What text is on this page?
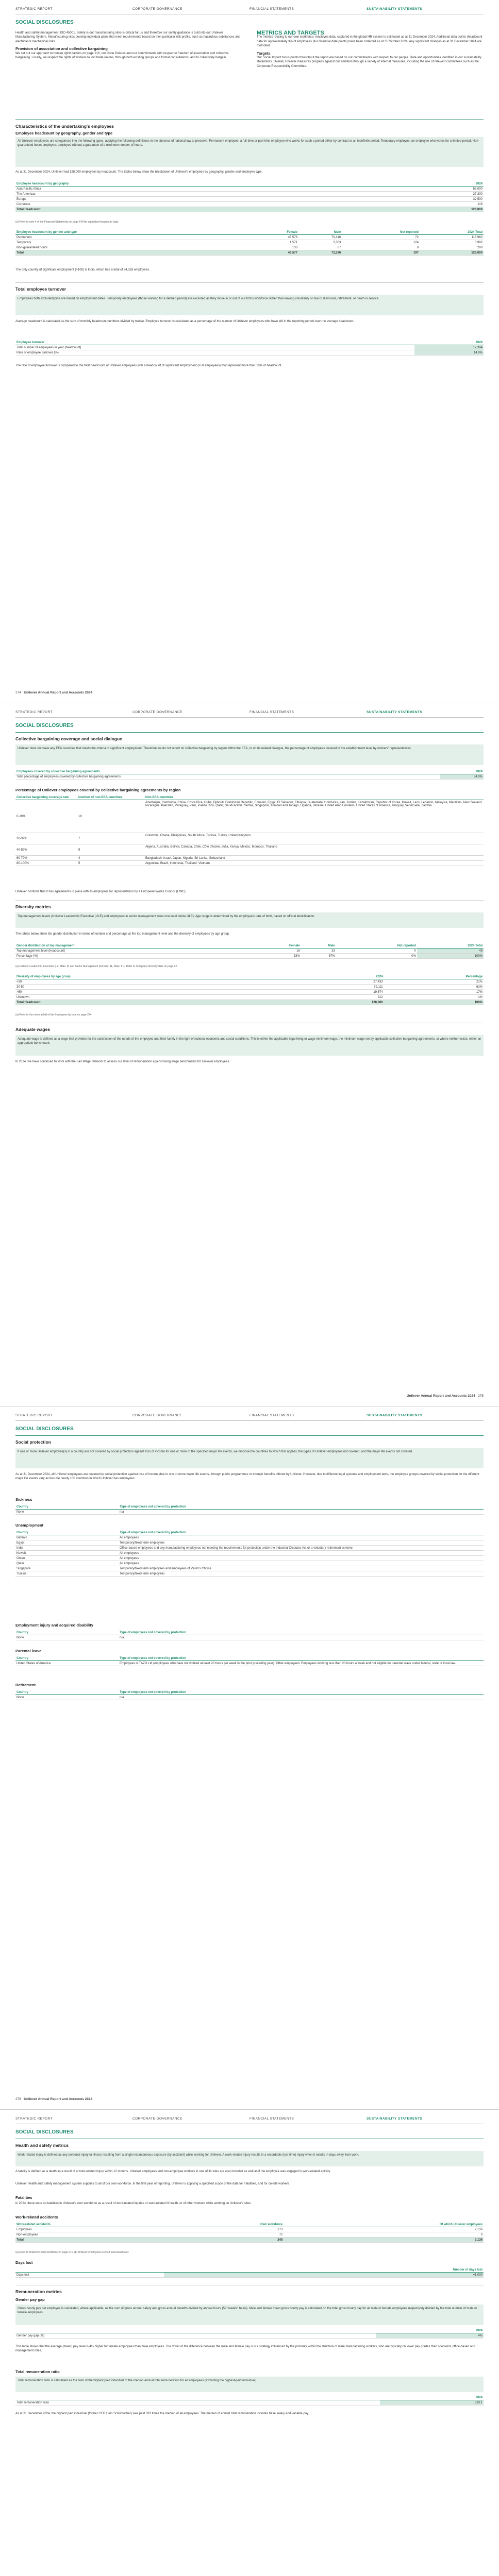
STRATEGIC REPORT	CORPORATE GOVERNANCE	FINANCIAL STATEMENTS	SUSTAINABILITY STATEMENTS
SOCIAL DISCLOSURES

Health and safety management, ISO 45001. Safety is our manufacturing sites is critical for us and therefore our safety guidance is built into our Unilever Manufacturing System. Manufacturing sites develop individual plans that meet requirements based on their particular risk profile, such as hazardous substances and electrical or mechanical risks.

Provision of association and collective bargaining

We set out our approach to human rights factors on page 216, our Code Policies and our commitments with respect to freedom of association and collective bargaining. Locally, we respect the rights of workers to join trade unions, through both existing groups and formal consultations, and to collectively bargain.

METRICS AND TARGETS

The metrics relating to our own workforce, employee data, captured in the global HR system is estimated as at 31 December 2024. Additional data points (headcount data for approximately 3% of employees plus financial data points) have been collected as at 31 October 2024. Any significant changes as at 31 December 2024 are footnoted.

Targets

Our Social Impact focus points throughout the report are based on our commitments with respect to our people. Data and opportunities identified in our sustainability statements. Overall, Unilever measures progress against our ambition through a variety of internal measures, including the use of relevant committees such as the Corporate Responsibility Committee.

Characteristics of the undertaking's employees
Employee headcount by geography, gender and type
All Unilever employees are categorised into the following types, applying the following definitions in the absence of national law to preserve: Permanent employee: a full-time or part-time employee who works for such a period either by contract or an indefinite period. Temporary employee: an employee who works for a limited period. Non-guaranteed hours employee: employed without a guarantee of a minimum number of hours.
As at 31 December 2024, Unilever had 128,000 employees by headcount. The tables below show the breakdown of Unilever's employees by geography, gender and employee type.
Employee headcount by geography	2024
Asia Pacific Africa	58,000
The Americas	37,300
Europe	32,500
Corporate	116
Total Headcount	128,000
(a) Refer to note 4 of the Financial Statements on page 149 for equivalent headcount data.
Employee headcount by gender and type	Female	Male	Not reported	2024 Total
Permanent	45,573	70,416	72	115,960
Temporary	1,571	2,303	124	3,992
Non-guaranteed hours	133	67	0	200
Total	46,577	72,536	197	128,000
The only country of significant employment (>100) is India, which has a total of 24,363 employees.
Total employee turnover
Employees both excluded/joins are based on employment dates. Temporary employees (those working for a defined period) are excluded as they move in or out of our firm's workforce rather than leaving voluntarily or due to dismissal, retirement, or death in service.
Average headcount is calculated as the sum of monthly headcount numbers divided by twelve. Employee turnover is calculated as a percentage of the number of Unilever employees who have left in the reporting period over the average headcount.
Employee turnover	2024
Total number of employees in year (headcount)	17,304
Rate of employee turnover (%)	14.0%
The rate of employee turnover is compared to the total headcount of Unilever employees with a headcount of significant employment (>50 employees) that represent more than 10% of headcount.
274 Unilever Annual Report and Accounts 2024
STRATEGIC REPORT	CORPORATE GOVERNANCE	FINANCIAL STATEMENTS	SUSTAINABILITY STATEMENTS
SOCIAL DISCLOSURES
Collective bargaining coverage and social dialogue
Unilever does not have any EEA countries that meets the criteria of significant employment. Therefore we do not report on collective bargaining by region within the EEA, or on its related dialogue, the percentage of employees covered in the establishment level by workers' representatives.
Employees covered by collective bargaining agreements	2024
Total percentage of employees covered by collective bargaining agreements	54.0%
Percentage of Unilever employees covered by collective bargaining agreements by region
Collective bargaining coverage rate	Number of non-EEA countries	Non-EEA countries
0-19%	19	Azerbaijan, Cambodia, China, Costa Rica, Cuba, Djibouti, Dominican Republic, Ecuador, Egypt, El Salvador, Ethiopia, Guatemala, Honduras, Iran, Jordan, Kazakhstan, Republic of Korea, Kuwait, Laos, Lebanon, Malaysia, Mauritius, New Zealand, Nicaragua, Pakistan, Paraguay, Peru, Puerto Rico, Qatar, Saudi Arabia, Serbia, Singapore, Trinidad and Tobago, Uganda, Ukraine, United Arab Emirates, United States of America, Uruguay, Venezuela, Zambia
20-39%	7	Colombia, Ghana, Philippines, South Africa, Tunisia, Turkey, United Kingdom
40-59%	9	Algeria, Australia, Bolivia, Canada, Chile, Côte d'Ivoire, India, Kenya, Mexico, Morocco, Thailand
60-79%	4	Bangladesh, Israel, Japan, Nigeria, Sri Lanka, Switzerland
80-100%	5	Argentina, Brazil, Indonesia, Thailand, Vietnam
Unilever confirms that it has agreements in place with its employees for representation by a European Works Council (EWC).
Diversity metrics
Top management levels (Unilever Leadership Executive (ULE) and employees in senior management roles one level below ULE). Age range is determined by the employee's date of birth, based on official identification.
The tables below show the gender distribution in terms of number and percentage at the top management level and the diversity of employees by age group.
Gender distribution at top management	Female	Male	Not reported	2024 Total
Top management level (headcount)	16	33	0	49
Percentage (%)	33%	67%	0%	100%
(a) Unilever Leadership Executive (i.e. Male: 9) and Senior Management (Female: 11, Male: 61). Refer to Company Diversity data on page 92.
Diversity of employees by age group	2024	Percentage
<30	27,433	21%
30-50	79,111	62%
>50	19,674	17%
Unknown	912	1%
Total Headcount	128,000	100%
(a) Refer to the notes at left of the Employees by type on page 274.
Adequate wages
Adequate wage is defined as a wage that provides for the satisfaction of the needs of the employee and their family in the light of national economic and social conditions. This is either the applicable legal living or wage minimum wage, the minimum wage set by applicable collective bargaining agreements, or where neither exists, either an appropriate benchmark.
In 2024, we have continued to work with the Fair Wage Network to assess our level of remuneration against living wage benchmarks for Unilever employees.
Unilever Annual Report and Accounts 2024 275
STRATEGIC REPORT	CORPORATE GOVERNANCE	FINANCIAL STATEMENTS	SUSTAINABILITY STATEMENTS
SOCIAL DISCLOSURES
Social protection
If one or more Unilever employee(s) in a country are not covered by social protection against loss of income for one or more of the specified major life events, we disclose the countries to which this applies, the types of Unilever employees not covered, and the major life events not covered.
As at 31 December 2024, all Unilever employees are covered by social protection against loss of income due to one or more major life events, through public programmes or through benefits offered by Unilever. However, due to different legal systems and employment laws, the employee groups covered by social protection for the different major life events vary across the nearly 100 countries in which Unilever has employees.
Sickness
Country	Type of employees not covered by protection
None	n/a
Unemployment
Country	Type of employees not covered by protection
Bahrain	All employees
Egypt	Temporary/fixed-term employees
India	Office-based employees and any manufacturing employees not meeting the requirements for protection under the Industrial Disputes Act or a voluntary retirement scheme
Kuwait	All employees
Oman	All employees
Qatar	All employees
Singapore	Temporary/fixed-term employees and employees of Paulo's Choice
Tunisia	Temporary/fixed-term employees
Employment injury and acquired disability
Country	Type of employees not covered by protection
None	n/a
Parental leave
Country	Type of employees not covered by protection
United States of America	Employees of TAZO Ltd (employees who have not worked at least 20 hours per week in the prior preceding year). Other employees: Employees working less than 20 hours a week and not eligible for parental leave under federal, state or local law.
Retirement
Country	Type of employees not covered by protection
None	n/a
276 Unilever Annual Report and Accounts 2024
STRATEGIC REPORT	CORPORATE GOVERNANCE	FINANCIAL STATEMENTS	SUSTAINABILITY STATEMENTS
SOCIAL DISCLOSURES
Health and safety metrics
Work-related injury is defined as any personal injury or illness resulting from a single instantaneous exposure (by accident) while working for Unilever. A work-related injury results in a recordable (lost time) injury when it results in days away from work.
A fatality is defined as a death as a result of a work-related injury within 12 months. Unilever employees and non-employee workers in one of its sites are also included as well as if the employee was engaged in work-related activity.
Unilever Health and Safety management system supplies to all of our own workforce. In the first year of reporting, Unilever is applying a specified scope of the data for Fatalities, and for on-site workers.
Fatalities
In 2024, there were no fatalities in Unilever's own workforce as a result of work-related injuries or work-related ill health, or of other workers while working on Unilever's sites.
Work-related accidents
Work-related accidents	Own workforce	Of which Unilever employees
Employees	173	2,136
Non-employees	72	0
Total	245	2,136
(a) Refer to Unilever's own workforce on page 271. (b) Unilever employees in 2024 total headcount.
Days lost
	Number of days lost
Days lost	41,000
Remuneration metrics
Gender pay gap
Gross hourly pay per employee is calculated, where applicable, as the sum of gross annual salary and gross annual benefits divided by annual hours (52 "weeks" basis). Male and female mean gross hourly pay is calculated on the total gross hourly pay for all male or female employees respectively divided by the total number of male or female employees.
	2024
Gender pay gap (%)	4%
This table shows that the average (mean) pay level is 4% higher for female employees than male employees. The driver of the difference between the male and female pay is our strategy influenced by the primarily within the structure of male manufacturing workers, who are typically on lower pay grades than specialist, office-based and management roles.
Total remuneration ratio
Total remuneration ratio is calculated as the ratio of the highest paid individual to the median annual total remuneration for all employees (excluding the highest-paid individual).
	2024
Total remuneration ratio	333:1
As at 31 December 2024, the highest paid individual (former CEO Hein Schumacher) was paid 333 times the median of all employees. The median of annual total remuneration includes base salary and variable pay.
